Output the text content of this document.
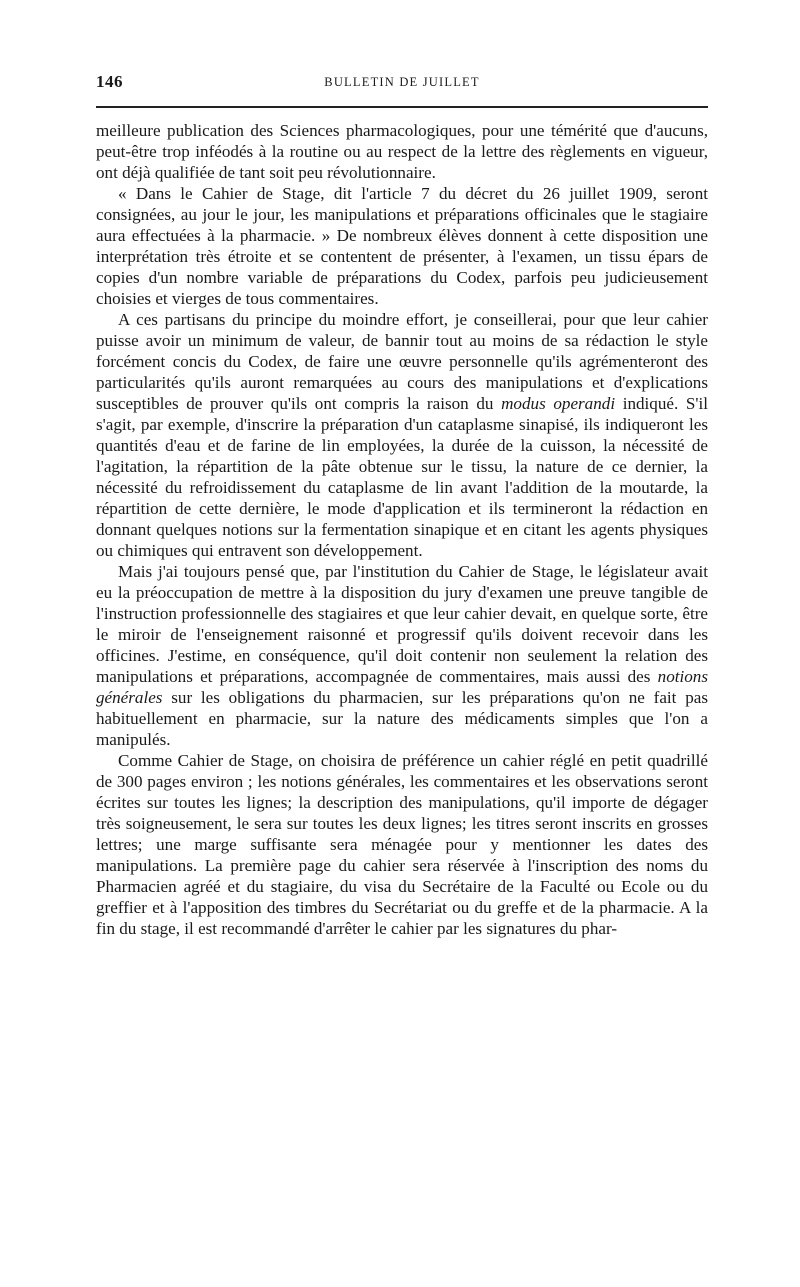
146	BULLETIN DE JUILLET

meilleure publication des Sciences pharmacologiques, pour une témérité que d'aucuns, peut-être trop inféodés à la routine ou au respect de la lettre des règlements en vigueur, ont déjà qualifiée de tant soit peu révolutionnaire.

« Dans le Cahier de Stage, dit l'article 7 du décret du 26 juillet 1909, seront consignées, au jour le jour, les manipulations et préparations officinales que le stagiaire aura effectuées à la pharmacie. » De nombreux élèves donnent à cette disposition une interprétation très étroite et se contentent de présenter, à l'examen, un tissu épars de copies d'un nombre variable de préparations du Codex, parfois peu judicieusement choisies et vierges de tous commentaires.

A ces partisans du principe du moindre effort, je conseillerai, pour que leur cahier puisse avoir un minimum de valeur, de bannir tout au moins de sa rédaction le style forcément concis du Codex, de faire une œuvre personnelle qu'ils agrémenteront des particularités qu'ils auront remarquées au cours des manipulations et d'explications susceptibles de prouver qu'ils ont compris la raison du modus operandi indiqué. S'il s'agit, par exemple, d'inscrire la préparation d'un cataplasme sinapisé, ils indiqueront les quantités d'eau et de farine de lin employées, la durée de la cuisson, la nécessité de l'agitation, la répartition de la pâte obtenue sur le tissu, la nature de ce dernier, la nécessité du refroidissement du cataplasme de lin avant l'addition de la moutarde, la répartition de cette dernière, le mode d'application et ils termineront la rédaction en donnant quelques notions sur la fermentation sinapique et en citant les agents physiques ou chimiques qui entravent son développement.

Mais j'ai toujours pensé que, par l'institution du Cahier de Stage, le législateur avait eu la préoccupation de mettre à la disposition du jury d'examen une preuve tangible de l'instruction professionnelle des stagiaires et que leur cahier devait, en quelque sorte, être le miroir de l'enseignement raisonné et progressif qu'ils doivent recevoir dans les officines. J'estime, en conséquence, qu'il doit contenir non seulement la relation des manipulations et préparations, accompagnée de commentaires, mais aussi des notions générales sur les obligations du pharmacien, sur les préparations qu'on ne fait pas habituellement en pharmacie, sur la nature des médicaments simples que l'on a manipulés.

Comme Cahier de Stage, on choisira de préférence un cahier réglé en petit quadrillé de 300 pages environ ; les notions générales, les commentaires et les observations seront écrites sur toutes les lignes; la description des manipulations, qu'il importe de dégager très soigneusement, le sera sur toutes les deux lignes; les titres seront inscrits en grosses lettres; une marge suffisante sera ménagée pour y mentionner les dates des manipulations. La première page du cahier sera réservée à l'inscription des noms du Pharmacien agréé et du stagiaire, du visa du Secrétaire de la Faculté ou Ecole ou du greffier et à l'apposition des timbres du Secrétariat ou du greffe et de la pharmacie. A la fin du stage, il est recommandé d'arrêter le cahier par les signatures du phar-
